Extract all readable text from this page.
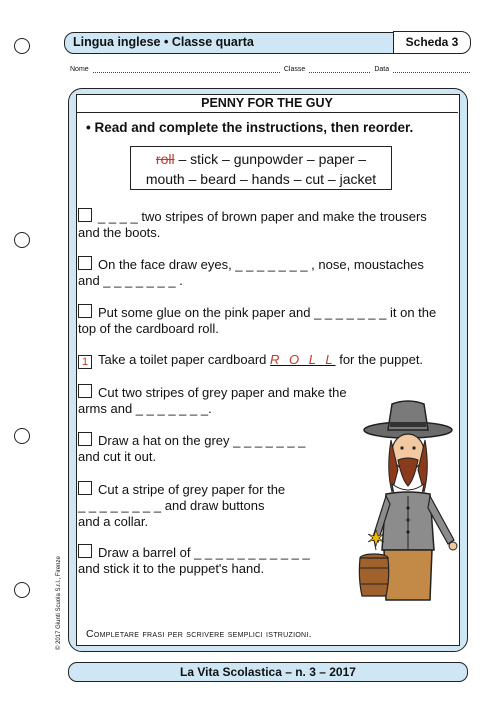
Lingua inglese • Classe quarta	Scheda 3
Nome	Classe	Data
PENNY FOR THE GUY
• Read and complete the instructions, then reorder.
roll – stick – gunpowder – paper –
mouth – beard – hands – cut – jacket
_ _ _ _ two stripes of brown paper and make the trousers
and the boots.
On the face draw eyes, _ _ _ _ _ _ _ , nose, moustaches
and _ _ _ _ _ _ _ .
Put some glue on the pink paper and _ _ _ _ _ _ _ it on the
top of the cardboard roll.
1 Take a toilet paper cardboard R O L L for the puppet.
Cut two stripes of grey paper and make the
arms and _ _ _ _ _ _ _.
Draw a hat on the grey _ _ _ _ _ _ _
and cut it out.
Cut a stripe of grey paper for the
_ _ _ _ _ _ _ _ and draw buttons
and a collar.
Draw a barrel of _ _ _ _ _ _ _ _ _ _ _
and stick it to the puppet's hand.
Completare frasi per scrivere semplici istruzioni.
© 2017 Giunti Scuola S.r.l., Firenze
La Vita Scolastica – n. 3 – 2017
